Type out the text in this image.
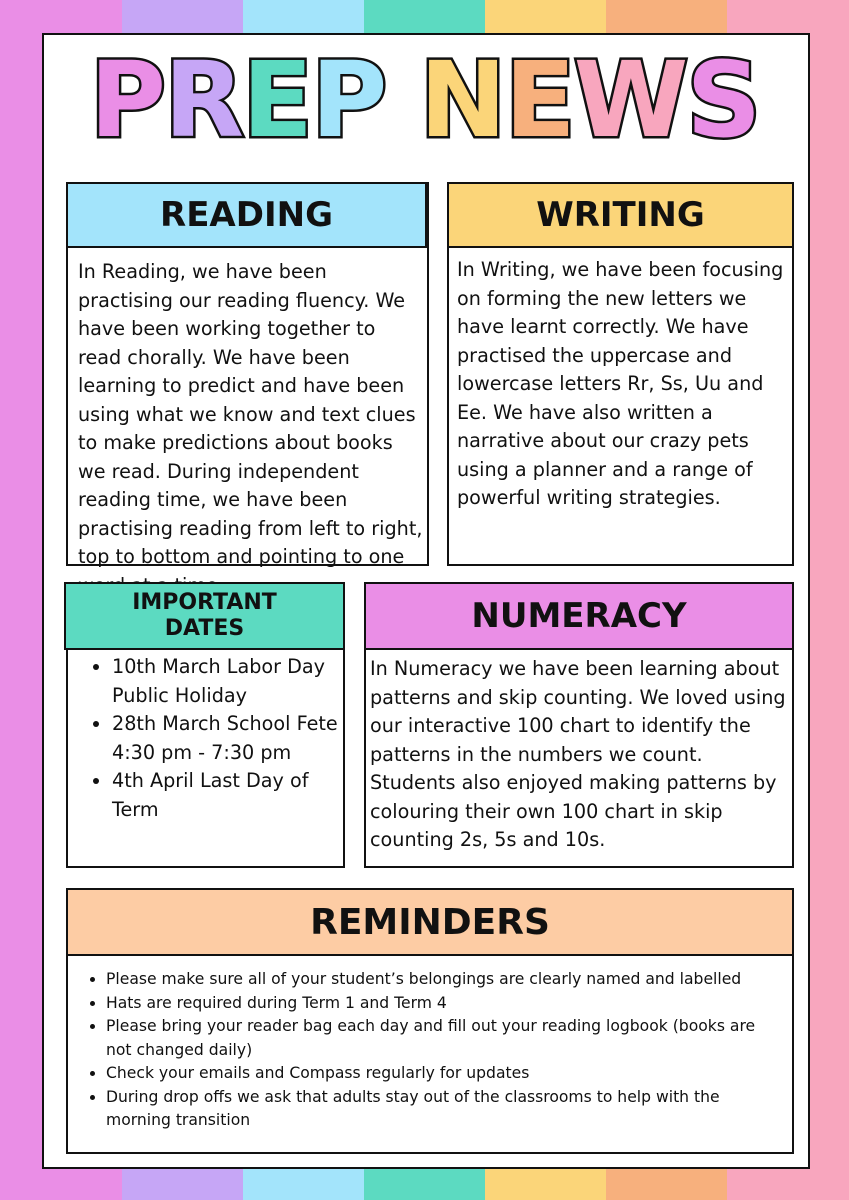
PREP NEWS
READING
In Reading, we have been practising our reading fluency. We have been working together to read chorally. We have been learning to predict and have been using what we know and text clues to make predictions about books we read. During independent reading time, we have been practising reading from left to right, top to bottom and pointing to one
WRITING
In Writing, we have been focusing on forming the new letters we have learnt correctly. We have practised the uppercase and lowercase letters Rr, Ss, Uu and Ee. We have also written a narrative about our crazy pets using a planner and a range of powerful writing strategies.
IMPORTANT DATES
• 10th March Labor Day Public Holiday
• 28th March School Fete 4:30 pm - 7:30 pm
• 4th April Last Day of Term
NUMERACY
In Numeracy we have been learning about patterns and skip counting. We loved using our interactive 100 chart to identify the patterns in the numbers we count. Students also enjoyed making patterns by colouring their own 100 chart in skip counting 2s, 5s and 10s.
REMINDERS
• Please make sure all of your student’s belongings are clearly named and labelled
• Hats are required during Term 1 and Term 4
• Please bring your reader bag each day and fill out your reading logbook (books are not changed daily)
• Check your emails and Compass regularly for updates
• During drop offs we ask that adults stay out of the classrooms to help with the morning transition
